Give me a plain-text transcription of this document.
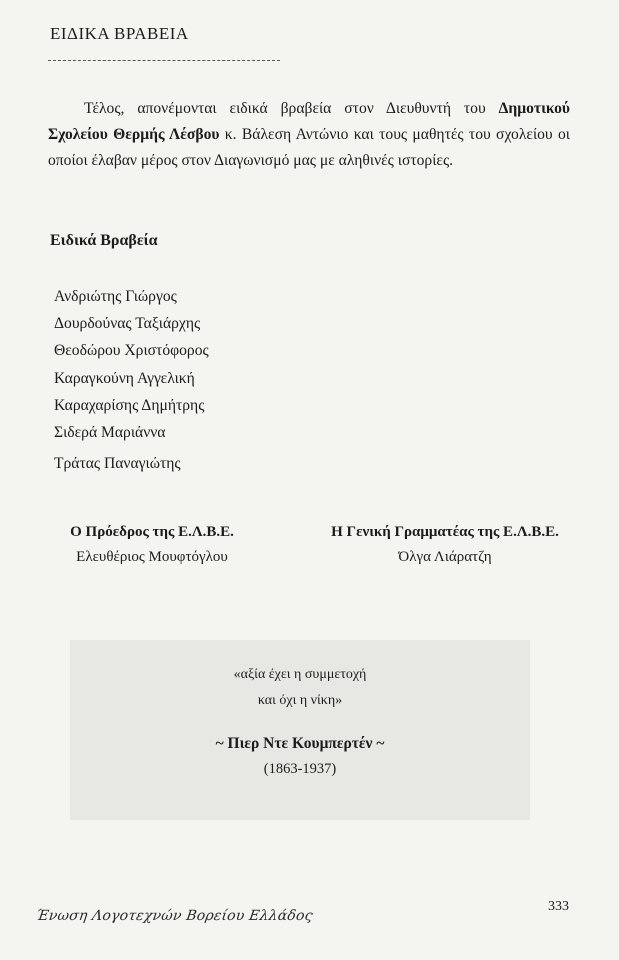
ΕΙΔΙΚΑ ΒΡΑΒΕΙΑ

Τέλος, απονέμονται ειδικά βραβεία στον Διευθυντή του Δημοτικού Σχολείου Θερμής Λέσβου κ. Βάλεση Αντώνιο και τους μαθητές του σχολείου οι οποίοι έλαβαν μέρος στον Διαγωνισμό μας με αληθινές ιστορίες.

Ειδικά Βραβεία
Ανδριώτης Γιώργος
Δουρδούνας Ταξιάρχης
Θεοδώρου Χριστόφορος
Καραγκούνη Αγγελική
Καραχαρίσης Δημήτρης
Σιδερά Μαριάννα
Τράτας Παναγιώτης
Ο Πρόεδρος της Ε.Λ.Β.Ε.
Ελευθέριος Μουφτόγλου
Η Γενική Γραμματέας της Ε.Λ.Β.Ε.
Όλγα Λιάρατζη
«αξία έχει η συμμετοχή
και όχι η νίκη»
~ Πιερ Ντε Κουμπερτέν ~
(1863-1937)
Ένωση Λογοτεχνών Βορείου Ελλάδος
333
